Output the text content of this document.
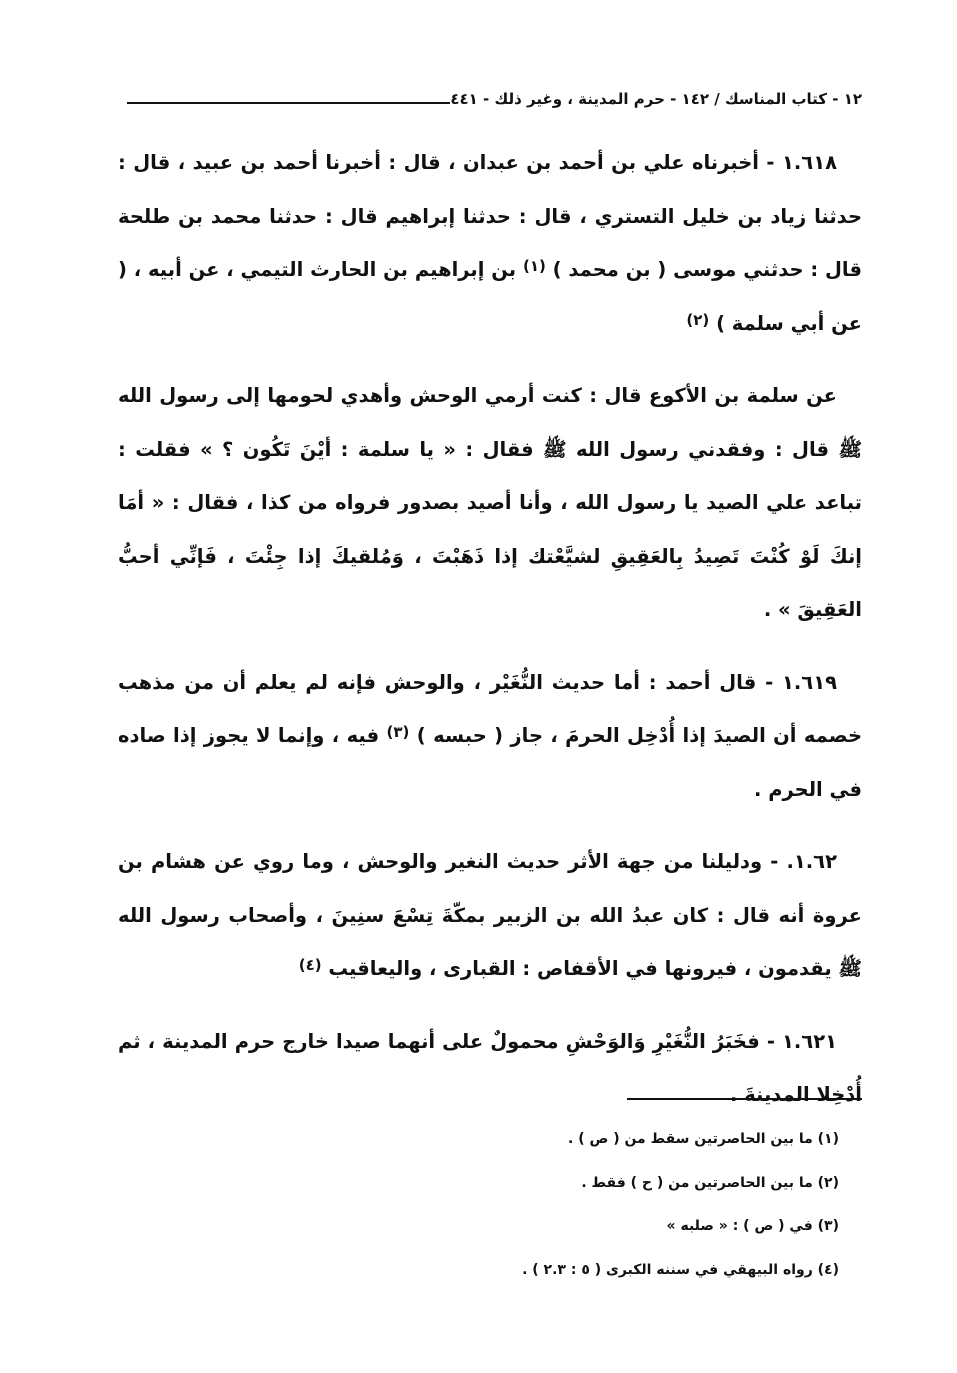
١٢ - كتاب المناسك / ١٤٢ - حرم المدينة ، وغير ذلك - ٤٤١

١.٦١٨ - أخبرناه علي بن أحمد بن عبدان ، قال : أخبرنا أحمد بن عبيد ، قال : حدثنا زياد بن خليل التستري ، قال : حدثنا إبراهيم قال : حدثنا محمد بن طلحة قال : حدثني موسى ( بن محمد ) $^{(١)}$ بن إبراهيم بن الحارث التيمي ، عن أبيه ، ( عن أبي سلمة ) $^{(٢)}$

عن سلمة بن الأكوع قال : كنت أرمي الوحش وأهدي لحومها إلى رسول الله ﷺ قال : وفقدني رسول الله ﷺ فقال : « يا سلمة : أيْنَ تَكُون ؟ » فقلت : تباعد علي الصيد يا رسول الله ، وأنا أصيد بصدور فرواه من كذا ، فقال : « أمَا إنكَ لَوْ كُنْتَ تَصِيدُ بِالعَقِيقِ لشيَّعْتك إذا ذَهَبْتَ ، وَمُلقيكَ إذا جِئْتَ ، فَإنِّي أحبُّ العَقِيقَ » .

١.٦١٩ - قال أحمد : أما حديث النُّغَيْر ، والوحش فإنه لم يعلم أن من مذهب خصمه أن الصيدَ إذا أُدْخِل الحرمَ ، جاز ( حبسه ) $^{(٣)}$ فيه ، وإنما لا يجوز إذا صاده في الحرم .

١.٦٢. - ودليلنا من جهة الأثر حديث النغير والوحش ، وما روي عن هشام بن عروة أنه قال : كان عبدُ الله بن الزبير بمكّةَ تِسْعَ سنِينَ ، وأصحاب رسول الله ﷺ يقدمون ، فيرونها في الأقفاص : القبارى ، واليعاقيب $^{(٤)}$

١.٦٢١ - فخَبَرُ النُّغَيْرِ وَالوَحْشِ محمولٌ على أنهما صيدا خارج حرم المدينة ، ثم أُدْخِلا المدينةَ .

(١) ما بين الحاصرتين سقط من ( ص ) .

(٢) ما بين الحاصرتين من ( ح ) فقط .

(٣) في ( ص ) : « صلبه »

(٤) رواه البيهقي في سننه الكبرى ( ٥ : ٢.٣ ) .
